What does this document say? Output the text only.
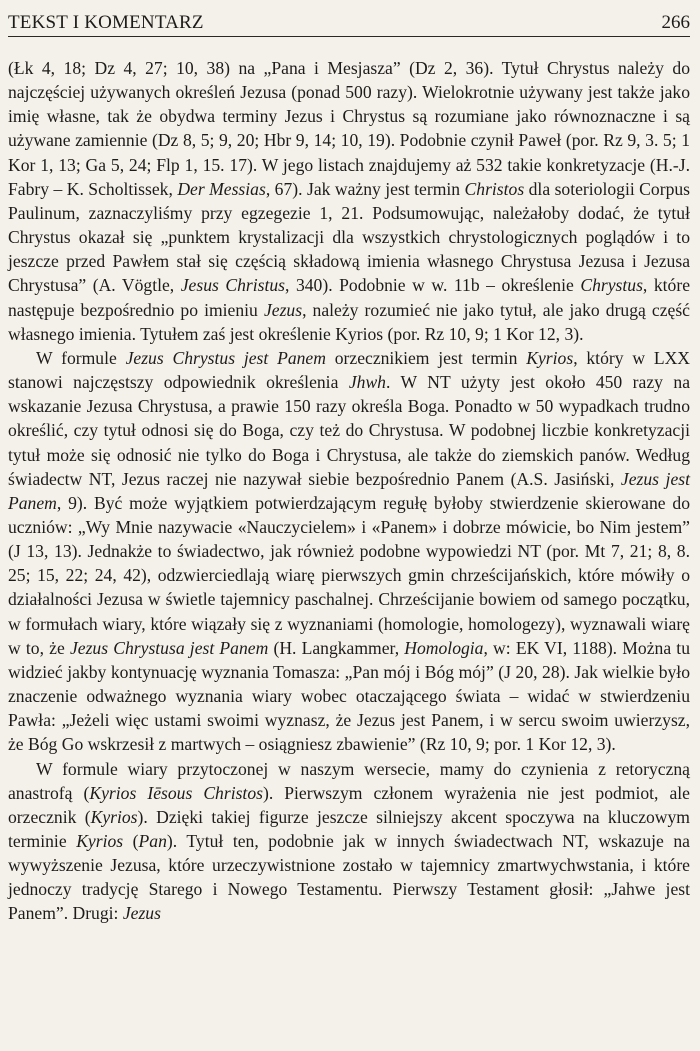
TEKST I KOMENTARZ	266

(Łk 4, 18; Dz 4, 27; 10, 38) na „Pana i Mesjasza” (Dz 2, 36). Tytuł Chrystus należy do najczęściej używanych określeń Jezusa (ponad 500 razy). Wielokrotnie używany jest także jako imię własne, tak że obydwa terminy Jezus i Chrystus są rozumiane jako równoznaczne i są używane zamiennie (Dz 8, 5; 9, 20; Hbr 9, 14; 10, 19). Podobnie czynił Paweł (por. Rz 9, 3. 5; 1 Kor 1, 13; Ga 5, 24; Flp 1, 15. 17). W jego listach znajdujemy aż 532 takie konkretyzacje (H.-J. Fabry – K. Scholtissek, Der Messias, 67). Jak ważny jest termin Christos dla soteriologii Corpus Paulinum, zaznaczyliśmy przy egzegezie 1, 21. Podsumowując, należałoby dodać, że tytuł Chrystus okazał się „punktem krystalizacji dla wszystkich chrystologicznych poglądów i to jeszcze przed Pawłem stał się częścią składową imienia własnego Chrystusa Jezusa i Jezusa Chrystusa” (A. Vögtle, Jesus Christus, 340). Podobnie w w. 11b – określenie Chrystus, które następuje bezpośrednio po imieniu Jezus, należy rozumieć nie jako tytuł, ale jako drugą część własnego imienia. Tytułem zaś jest określenie Kyrios (por. Rz 10, 9; 1 Kor 12, 3).

W formule Jezus Chrystus jest Panem orzecznikiem jest termin Kyrios, który w LXX stanowi najczęstszy odpowiednik określenia Jhwh. W NT użyty jest około 450 razy na wskazanie Jezusa Chrystusa, a prawie 150 razy określa Boga. Ponadto w 50 wypadkach trudno określić, czy tytuł odnosi się do Boga, czy też do Chrystusa. W podobnej liczbie konkretyzacji tytuł może się odnosić nie tylko do Boga i Chrystusa, ale także do ziemskich panów. Według świadectw NT, Jezus raczej nie nazywał siebie bezpośrednio Panem (A.S. Jasiński, Jezus jest Panem, 9). Być może wyjątkiem potwierdzającym regułę byłoby stwierdzenie skierowane do uczniów: „Wy Mnie nazywacie «Nauczycielem» i «Panem» i dobrze mówicie, bo Nim jestem” (J 13, 13). Jednakże to świadectwo, jak również podobne wypowiedzi NT (por. Mt 7, 21; 8, 8. 25; 15, 22; 24, 42), odzwierciedlają wiarę pierwszych gmin chrześcijańskich, które mówiły o działalności Jezusa w świetle tajemnicy paschalnej. Chrześcijanie bowiem od samego początku, w formułach wiary, które wiązały się z wyznaniami (homologie, homologezy), wyznawali wiarę w to, że Jezus Chrystusa jest Panem (H. Langkammer, Homologia, w: EK VI, 1188). Można tu widzieć jakby kontynuację wyznania Tomasza: „Pan mój i Bóg mój” (J 20, 28). Jak wielkie było znaczenie odważnego wyznania wiary wobec otaczającego świata – widać w stwierdzeniu Pawła: „Jeżeli więc ustami swoimi wyznasz, że Jezus jest Panem, i w sercu swoim uwierzysz, że Bóg Go wskrzesił z martwych – osiągniesz zbawienie” (Rz 10, 9; por. 1 Kor 12, 3).

W formule wiary przytoczonej w naszym wersecie, mamy do czynienia z retoryczną anastrofą (Kyrios Iēsous Christos). Pierwszym członem wyrażenia nie jest podmiot, ale orzecznik (Kyrios). Dzięki takiej figurze jeszcze silniejszy akcent spoczywa na kluczowym terminie Kyrios (Pan). Tytuł ten, podobnie jak w innych świadectwach NT, wskazuje na wywyższenie Jezusa, które urzeczywistnione zostało w tajemnicy zmartwychwstania, i które jednoczy tradycję Starego i Nowego Testamentu. Pierwszy Testament głosił: „Jahwe jest Panem”. Drugi: Jezus
